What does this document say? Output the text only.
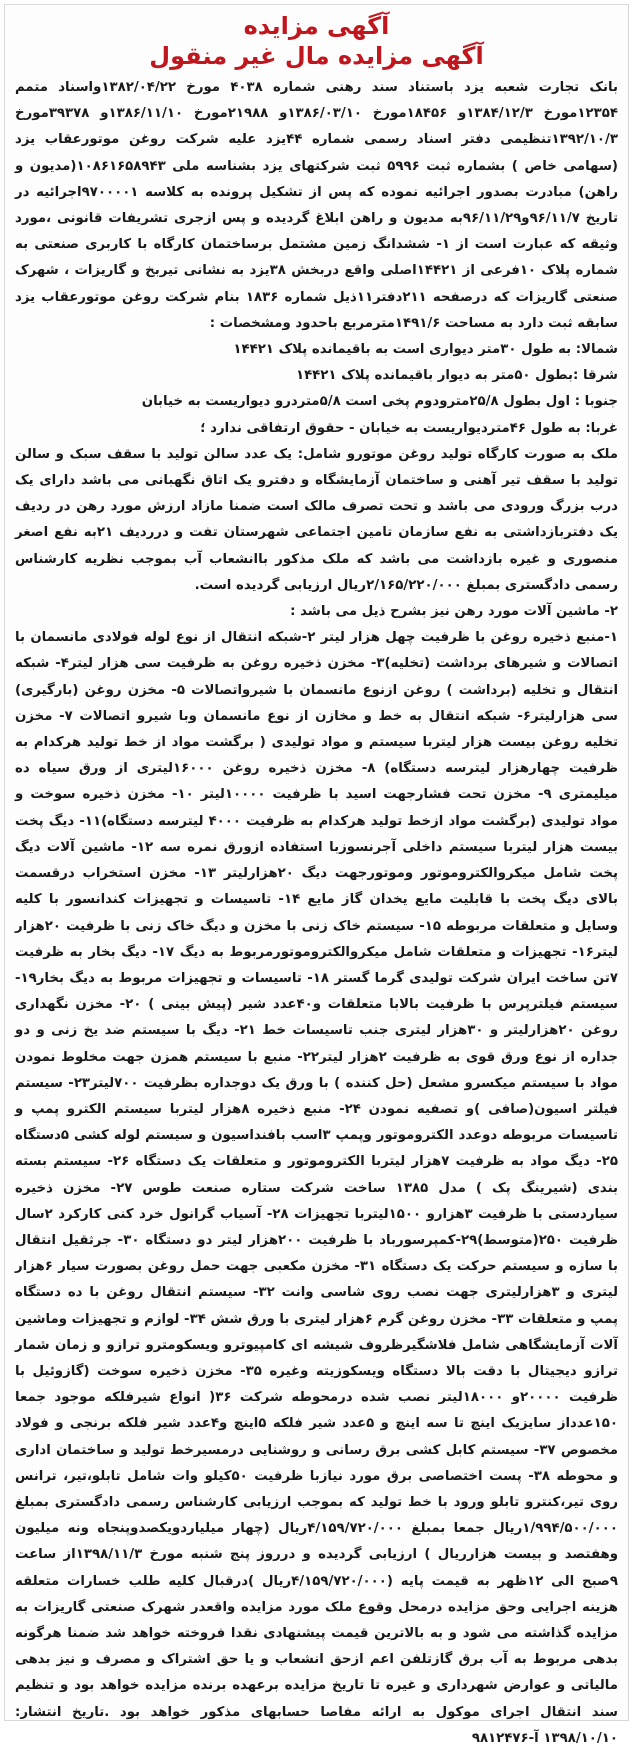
آگهی مزایده
آگهی مزایده مال غیر منقول

بانک تجارت شعبه یزد باستناد سند رهنی شماره ۴۰۳۸ مورخ ۱۳۸۲/۰۴/۲۲واسناد متمم ۱۲۳۵۴مورخ ۱۳۸۴/۱۲/۳و ۱۸۴۵۶مورخ ۱۳۸۶/۰۳/۱۰و ۲۱۹۸۸مورخ ۱۳۸۶/۱۱/۱۰و ۳۹۳۷۸مورخ ۱۳۹۲/۱۰/۳تنظیمی دفتر اسناد رسمی شماره ۴۴یزد علیه شرکت روغن موتورعقاب یزد (سهامی خاص ) بشماره ثبت ۵۹۹۶ ثبت شرکتهای یزد بشناسه ملی ۱۰۸۶۱۶۵۸۹۴۳(مدیون و راهن) مبادرت بصدور اجرائیه نموده که پس از تشکیل پرونده به کلاسه ۹۷۰۰۰۰۱اجرائیه در تاریخ ۹۶/۱۱/۷و۹۶/۱۱/۲۹به مدیون و راهن ابلاغ گردیده و پس ازجری تشریفات قانونی ،مورد وثیقه که عبارت است از ۱- ششدانگ زمین مشتمل برساختمان کارگاه با کاربری صنعتی به شماره پلاک ۱۰فرعی از ۱۴۴۲۱اصلی واقع دربخش ۳۸یزد به نشانی تیربخ و گاریزات ، شهرک صنعتی گاریزات که درصفحه ۲۱۱دفتر۱۱ذیل شماره ۱۸۳۶ بنام شرکت روغن موتورعقاب یزد سابقه ثبت دارد به مساحت ۱۴۹۱/۶مترمربع باحدود ومشخصات :

شمالا: به طول ۳۰متر دیواری است به باقیمانده پلاک ۱۴۴۲۱

شرقا :بطول ۵۰متر به دیوار باقیمانده پلاک ۱۴۴۲۱

جنوبا : اول بطول ۲۵/۸مترودوم پخی است ۵/۸متردرو دیواریست به خیابان

غربا: به طول ۴۶متردیواریست به خیابان - حقوق ارتفاقی ندارد ؛

ملک به صورت کارگاه تولید روغن موتورو شامل: یک عدد سالن تولید با سقف سبک و سالن تولید با سقف تیر آهنی و ساختمان آزمایشگاه و دفترو یک اتاق نگهبانی می باشد دارای یک درب بزرگ ورودی می باشد و تحت تصرف مالک است ضمنا مازاد ارزش مورد رهن در ردیف یک دفتربازداشتی به نفع سازمان تامین اجتماعی شهرستان تفت و درردیف ۲۱به نفع اصغر منصوری و غیره بازداشت می باشد که ملک مذکور باانشعاب آب بموجب نظریه کارشناس رسمی دادگستری بمبلغ ۲/۱۶۵/۲۲۰/۰۰۰ریال ارزیابی گردیده است.

۲- ماشین آلات مورد رهن نیز بشرح ذیل می باشد :

۱-منبع ذخیره روغن با ظرفیت چهل هزار لیتر ۲-شبکه انتقال از نوع لوله فولادی مانسمان با اتصالات و شیرهای برداشت (تخلیه)۳- مخزن ذخیره روغن به ظرفیت سی هزار لیتر۴- شبکه انتقال و تخلیه (برداشت ) روغن ازنوع مانسمان با شیرواتصالات ۵- مخزن روغن (بارگیری) سی هزارلیتر۶- شبکه انتقال به خط و مخازن از نوع مانسمان وبا شیرو اتصالات ۷- مخزن تخلیه روغن بیست هزار لیتربا سیستم و مواد تولیدی ( برگشت مواد از خط تولید هرکدام به ظرفیت چهارهزار لیترسه دستگاه) ۸- مخزن ذخیره روغن ۱۶۰۰۰لیتری از ورق سیاه ده میلیمتری ۹- مخزن تحت فشارجهت اسید با ظرفیت ۱۰۰۰۰لیتر ۱۰- مخزن ذخیره سوخت و مواد تولیدی (برگشت مواد ازخط تولید هرکدام به ظرفیت ۴۰۰۰ لیترسه دستگاه)۱۱- دیگ پخت بیست هزار لیتربا سیستم داخلی آجرنسوزبا استفاده ازورق نمره سه ۱۲- ماشین آلات دیگ پخت شامل میکروالکتروموتور وموتورجهت دیگ ۲۰هزارلیتر ۱۳- مخزن استخراب درقسمت بالای دیگ پخت با قابلیت مایع یخدان گاز مایع ۱۴- تاسیسات و تجهیزات کندانسور با کلیه وسایل و متعلقات مربوطه ۱۵- سیستم خاک زنی با مخزن و دیگ خاک زنی با ظرفیت ۲۰هزار لیتر۱۶- تجهیزات و متعلقات شامل میکروالکتروموتورمربوط به دیگ ۱۷- دیگ بخار به ظرفیت ۷تن ساخت ایران شرکت تولیدی گرما گستر ۱۸- تاسیسات و تجهیزات مربوط به دیگ بخار۱۹- سیستم فیلترپرس با ظرفیت بالابا متعلقات و۴۰عدد شیر (پیش بینی ) ۲۰- مخزن نگهداری روغن ۲۰هزارلیتر و ۳۰هزار لیتری جنب تاسیسات خط ۲۱- دیگ با سیستم ضد یخ زنی و دو جداره از نوع ورق قوی به ظرفیت ۲هزار لیتر۲۲- منبع با سیستم همزن جهت مخلوط نمودن مواد با سیستم میکسرو مشعل (حل کننده ) با ورق یک دوجداره بظرفیت ۷۰۰لیتر۲۳- سیستم فیلتر اسیون(صافی )و تصفیه نمودن ۲۴- منبع ذخیره ۸هزار لیتربا سیستم الکترو پمپ و تاسیسات مربوطه دوعدد الکتروموتور وپمپ ۳اسب بافنداسیون و سیستم لوله کشی ۵دستگاه ۲۵- دیگ مواد به ظرفیت ۷هزار لیتربا الکتروموتور و متعلقات یک دستگاه ۲۶- سیستم بسته بندی (شیرینگ پک ) مدل ۱۳۸۵ ساخت شرکت ستاره صنعت طوس ۲۷- مخزن ذخیره سیاردستی با ظرفیت ۳هزارو ۱۵۰۰لیتربا تجهیزات ۲۸- آسیاب گرانول خرد کنی کارکرد ۲سال ظرفیت ۲۵۰(متوسط)۲۹-کمپرسورباد با ظرفیت ۲۰۰هزار لیتر دو دستگاه ۳۰- جرثقیل انتقال با سازه و سیستم حرکت یک دستگاه ۳۱- مخزن مکعبی جهت حمل روغن بصورت سیار ۶هزار لیتری و ۳هزارلیتری جهت نصب روی شاسی وانت ۳۲- سیستم انتقال روغن با ده دستگاه پمپ و متعلقات ۳۳- مخزن روغن گرم ۶هزار لیتری با ورق شش ۳۴- لوازم و تجهیزات وماشین آلات آزمایشگاهی شامل فلاشگیرظروف شیشه ای کامپیوترو ویسکومترو ترازو و زمان شمار ترازو دیجیتال با دقت بالا دستگاه ویسکوزیته وغیره ۳۵- مخزن ذخیره سوخت (گازوئیل با ظرفیت ۲۰۰۰۰و ۱۸۰۰۰لیتر نصب شده درمحوطه شرکت ۳۶( انواع شیرفلکه موجود جمعا ۱۵۰عدداز سایزیک اینچ تا سه اینچ و ۵عدد شیر فلکه ۵اینچ و۴عدد شیر فلکه برنجی و فولاد مخصوص ۳۷- سیستم کابل کشی برق رسانی و روشنایی درمسیرخط تولید و ساختمان اداری و محوطه ۳۸- پست اختصاصی برق مورد نیازبا ظرفیت ۵۰کیلو وات شامل تابلو،تیر، ترانس روی تیر،کنترو تابلو ورود با خط تولید که بموجب ارزیابی کارشناس رسمی دادگستری بمبلغ ۱/۹۹۴/۵۰۰/۰۰۰ریال جمعا بمبلغ ۴/۱۵۹/۷۲۰/۰۰۰ریال (چهار میلیاردویکصدوپنجاه ونه میلیون وهفتصد و بیست هزارریال ) ارزیابی گردیده و درروز پنج شنبه مورخ ۱۳۹۸/۱۱/۳از ساعت ۹صبح الی ۱۲ظهر به قیمت پایه (۴/۱۵۹/۷۲۰/۰۰۰ریال )درقبال کلیه طلب خسارات متعلقه هزینه اجرایی وحق مزایده درمحل وقوع ملک مورد مزایده واقعدر شهرک صنعتی گاریزات به مزایده گذاشته می شود و به بالاترین قیمت پیشنهادی نقدا فروخته خواهد شد ضمنا هرگونه بدهی مربوط به آب برق گازتلفن اعم ازحق انشعاب و یا حق اشتراک و مصرف و نیز بدهی مالیاتی و عوارض شهرداری و غیره تا تاریخ مزایده برعهده برنده مزایده خواهد بود و تنظیم سند انتقال اجرای موکول به ارائه مفاصا حسابهای مذکور خواهد بود .تاریخ انتشار: ۱۳۹۸/۱۰/۱۰ آ-۹۸۱۲۴۷۶
